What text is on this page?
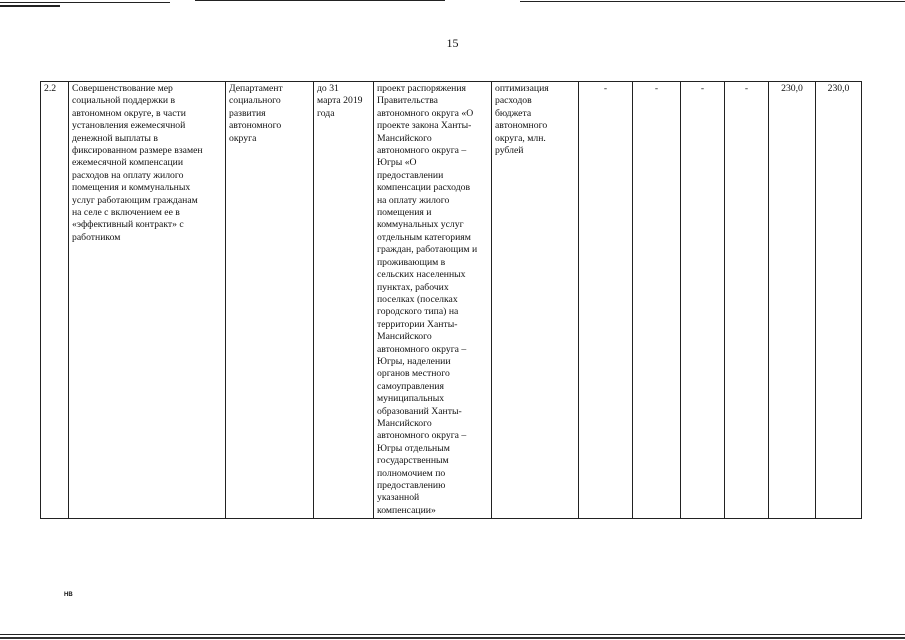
15
2.2	Совершенствование мер
социальной поддержки в
автономном округе, в части
установления ежемесячной
денежной выплаты в
фиксированном размере взамен
ежемесячной компенсации
расходов на оплату жилого
помещения и коммунальных
услуг работающим гражданам
на селе с включением ее в
«эффективный контракт» с
работником	Департамент
социального
развития
автономного
округа	до 31
марта 2019
года	проект распоряжения
Правительства
автономного округа «О
проекте закона Ханты-
Мансийского
автономного округа –
Югры «О
предоставлении
компенсации расходов
на оплату жилого
помещения и
коммунальных услуг
отдельным категориям
граждан, работающим и
проживающим в
сельских населенных
пунктах, рабочих
поселках (поселках
городского типа) на
территории Ханты-
Мансийского
автономного округа –
Югры, наделении
органов местного
самоуправления
муниципальных
образований Ханты-
Мансийского
автономного округа –
Югры отдельным
государственным
полномочием по
предоставлению
указанной
компенсации»	оптимизация
расходов
бюджета
автономного
округа, млн.
рублей	-	-	-	-	230,0	230,0
НВ
